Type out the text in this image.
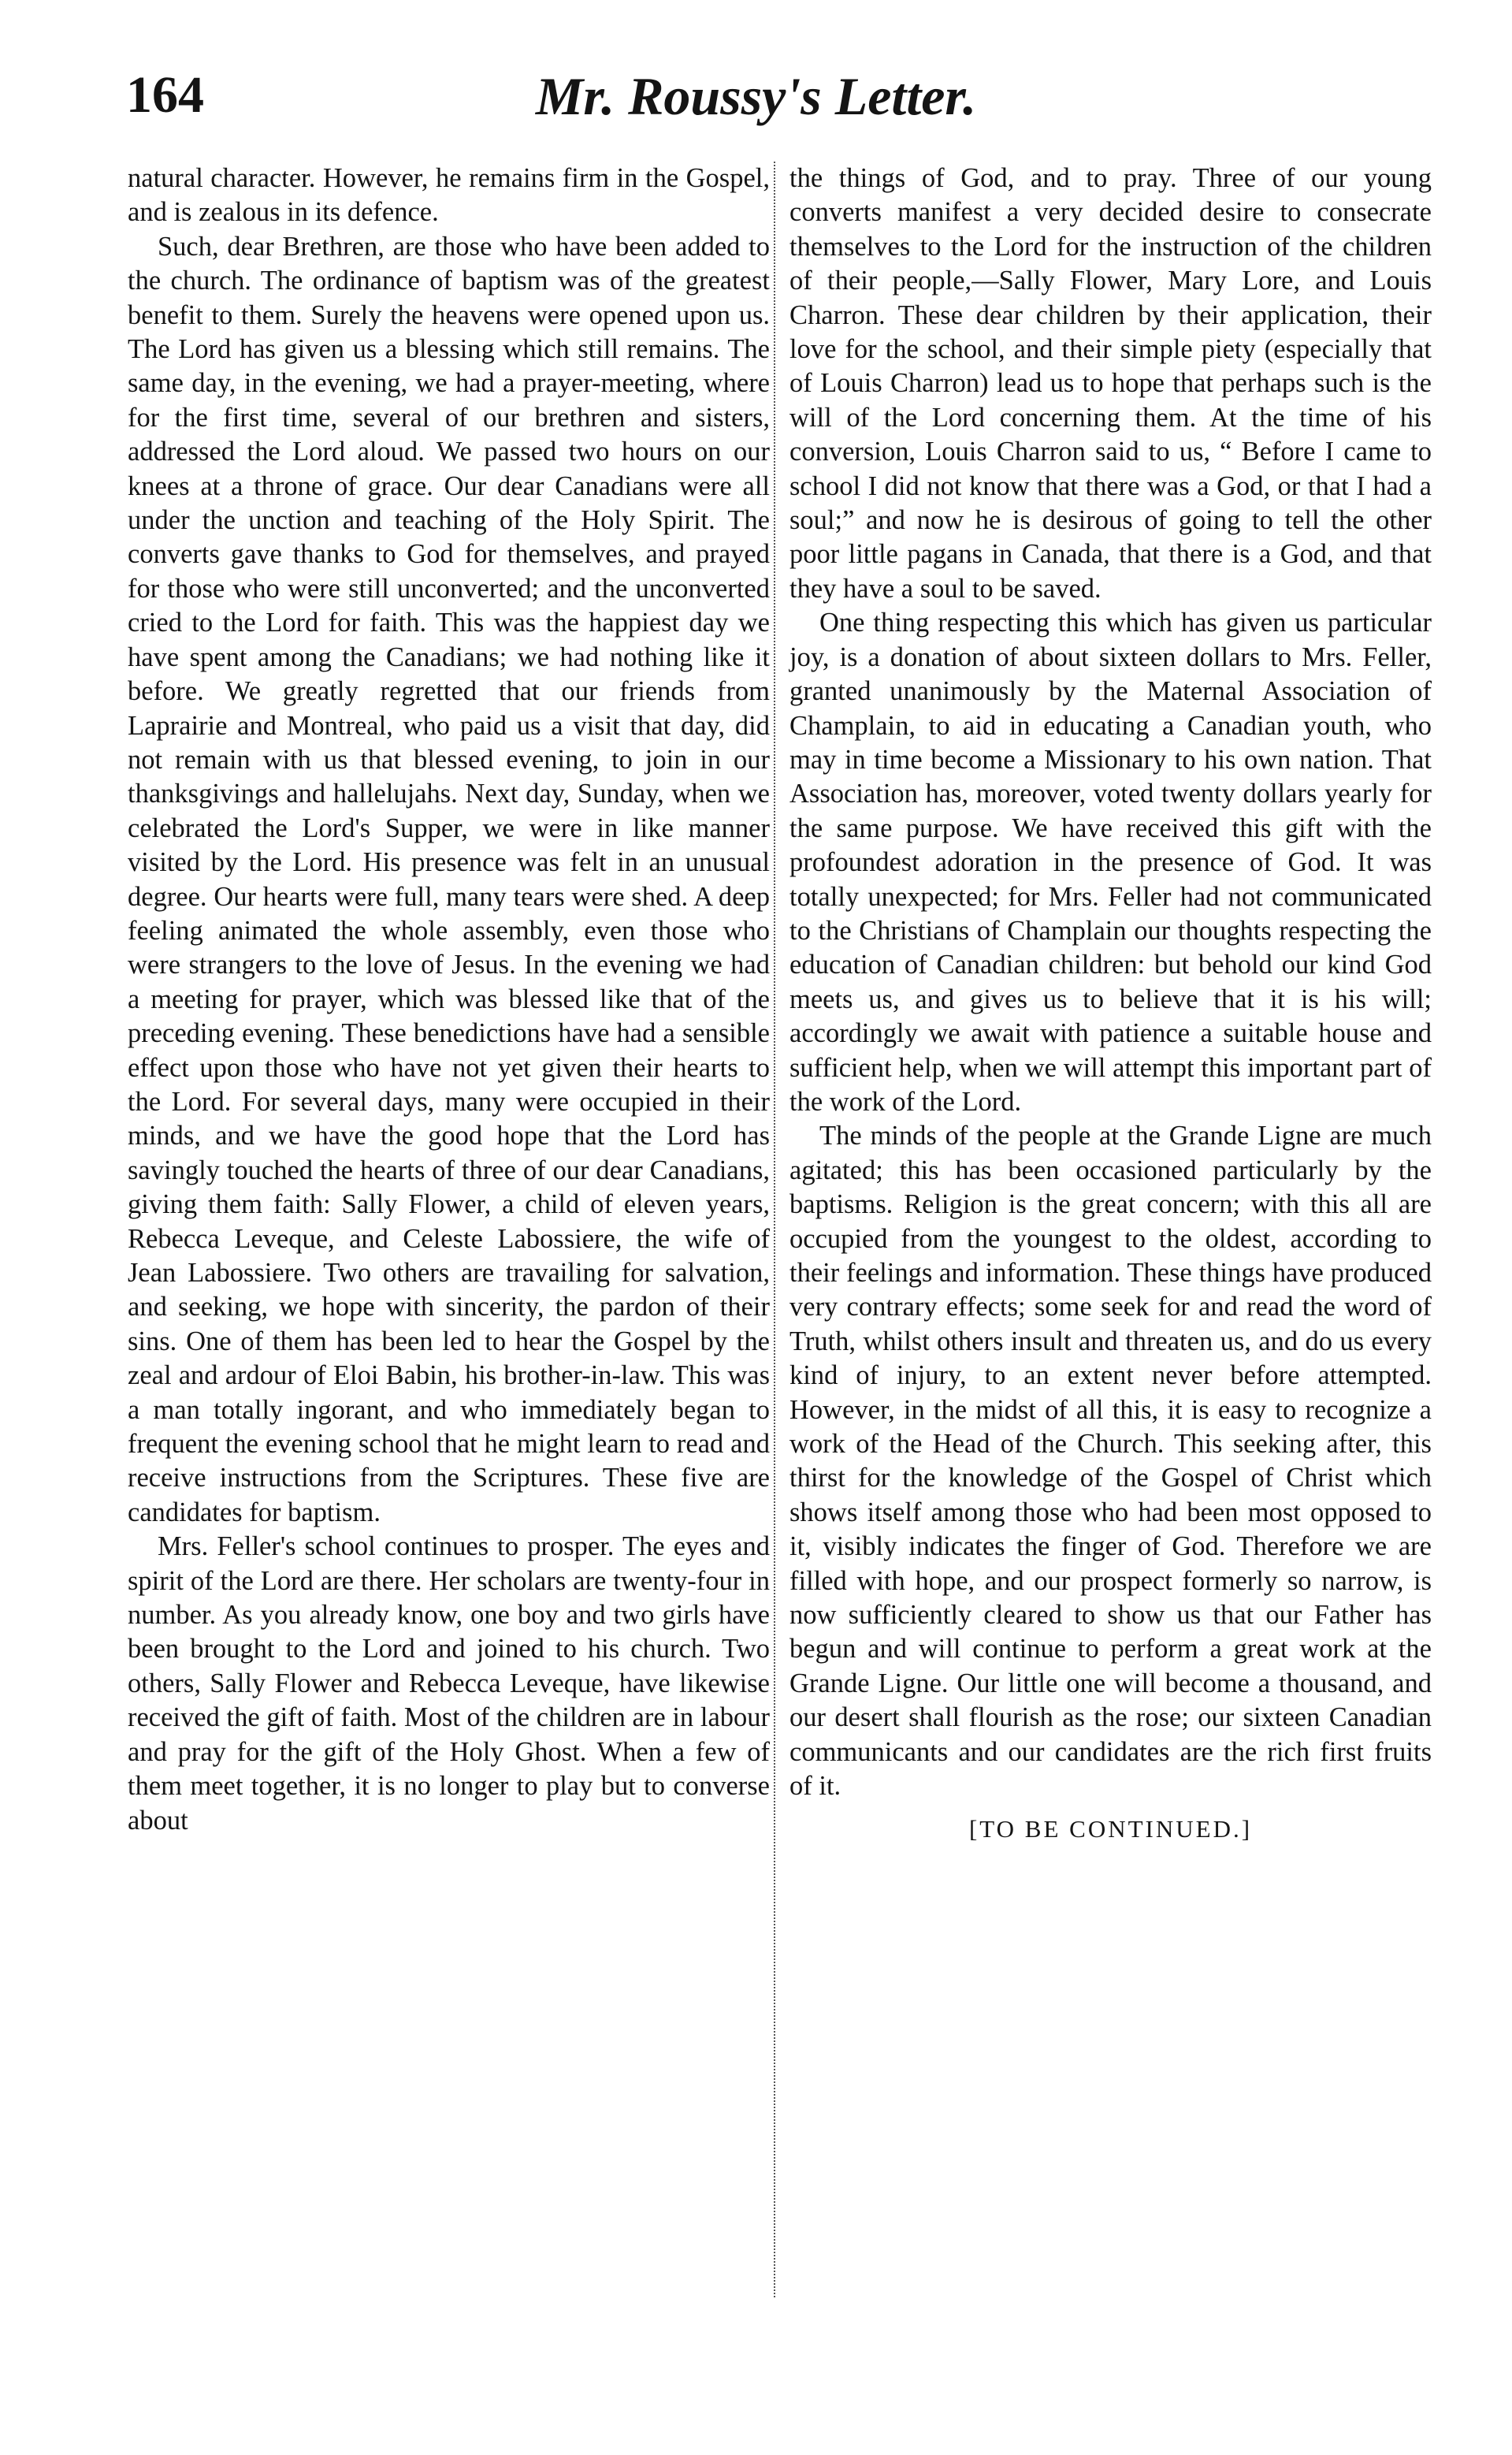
164	Mr. Roussy's Letter.

natural character. However, he remains firm in the Gospel, and is zealous in its defence.

Such, dear Brethren, are those who have been added to the church. The ordinance of baptism was of the greatest benefit to them. Surely the heavens were opened upon us. The Lord has given us a blessing which still remains. The same day, in the evening, we had a prayer-meeting, where for the first time, several of our brethren and sisters, addressed the Lord aloud. We passed two hours on our knees at a throne of grace. Our dear Canadians were all under the unction and teaching of the Holy Spirit. The converts gave thanks to God for themselves, and prayed for those who were still unconverted; and the unconverted cried to the Lord for faith. This was the happiest day we have spent among the Canadians; we had nothing like it before. We greatly regretted that our friends from Laprairie and Montreal, who paid us a visit that day, did not remain with us that blessed evening, to join in our thanksgivings and hallelujahs. Next day, Sunday, when we celebrated the Lord's Supper, we were in like manner visited by the Lord. His presence was felt in an unusual degree. Our hearts were full, many tears were shed. A deep feeling animated the whole assembly, even those who were strangers to the love of Jesus. In the evening we had a meeting for prayer, which was blessed like that of the preceding evening. These benedictions have had a sensible effect upon those who have not yet given their hearts to the Lord. For several days, many were occupied in their minds, and we have the good hope that the Lord has savingly touched the hearts of three of our dear Canadians, giving them faith: Sally Flower, a child of eleven years, Rebecca Leveque, and Celeste Labossiere, the wife of Jean Labossiere. Two others are travailing for salvation, and seeking, we hope with sincerity, the pardon of their sins. One of them has been led to hear the Gospel by the zeal and ardour of Eloi Babin, his brother-in-law. This was a man totally ingorant, and who immediately began to frequent the evening school that he might learn to read and receive instructions from the Scriptures. These five are candidates for baptism.

Mrs. Feller's school continues to prosper. The eyes and spirit of the Lord are there. Her scholars are twenty-four in number. As you already know, one boy and two girls have been brought to the Lord and joined to his church. Two others, Sally Flower and Rebecca Leveque, have likewise received the gift of faith. Most of the children are in labour and pray for the gift of the Holy Ghost. When a few of them meet together, it is no longer to play but to converse about

the things of God, and to pray. Three of our young converts manifest a very decided desire to consecrate themselves to the Lord for the instruction of the children of their people,—Sally Flower, Mary Lore, and Louis Charron. These dear children by their application, their love for the school, and their simple piety (especially that of Louis Charron) lead us to hope that perhaps such is the will of the Lord concerning them. At the time of his conversion, Louis Charron said to us, “ Before I came to school I did not know that there was a God, or that I had a soul;” and now he is desirous of going to tell the other poor little pagans in Canada, that there is a God, and that they have a soul to be saved.

One thing respecting this which has given us particular joy, is a donation of about sixteen dollars to Mrs. Feller, granted unanimously by the Maternal Association of Champlain, to aid in educating a Canadian youth, who may in time become a Missionary to his own nation. That Association has, moreover, voted twenty dollars yearly for the same purpose. We have received this gift with the profoundest adoration in the presence of God. It was totally unexpected; for Mrs. Feller had not communicated to the Christians of Champlain our thoughts respecting the education of Canadian children: but behold our kind God meets us, and gives us to believe that it is his will; accordingly we await with patience a suitable house and sufficient help, when we will attempt this important part of the work of the Lord.

The minds of the people at the Grande Ligne are much agitated; this has been occasioned particularly by the baptisms. Religion is the great concern; with this all are occupied from the youngest to the oldest, according to their feelings and information. These things have produced very contrary effects; some seek for and read the word of Truth, whilst others insult and threaten us, and do us every kind of injury, to an extent never before attempted. However, in the midst of all this, it is easy to recognize a work of the Head of the Church. This seeking after, this thirst for the knowledge of the Gospel of Christ which shows itself among those who had been most opposed to it, visibly indicates the finger of God. Therefore we are filled with hope, and our prospect formerly so narrow, is now sufficiently cleared to show us that our Father has begun and will continue to perform a great work at the Grande Ligne. Our little one will become a thousand, and our desert shall flourish as the rose; our sixteen Canadian communicants and our candidates are the rich first fruits of it.

[TO BE CONTINUED.]
